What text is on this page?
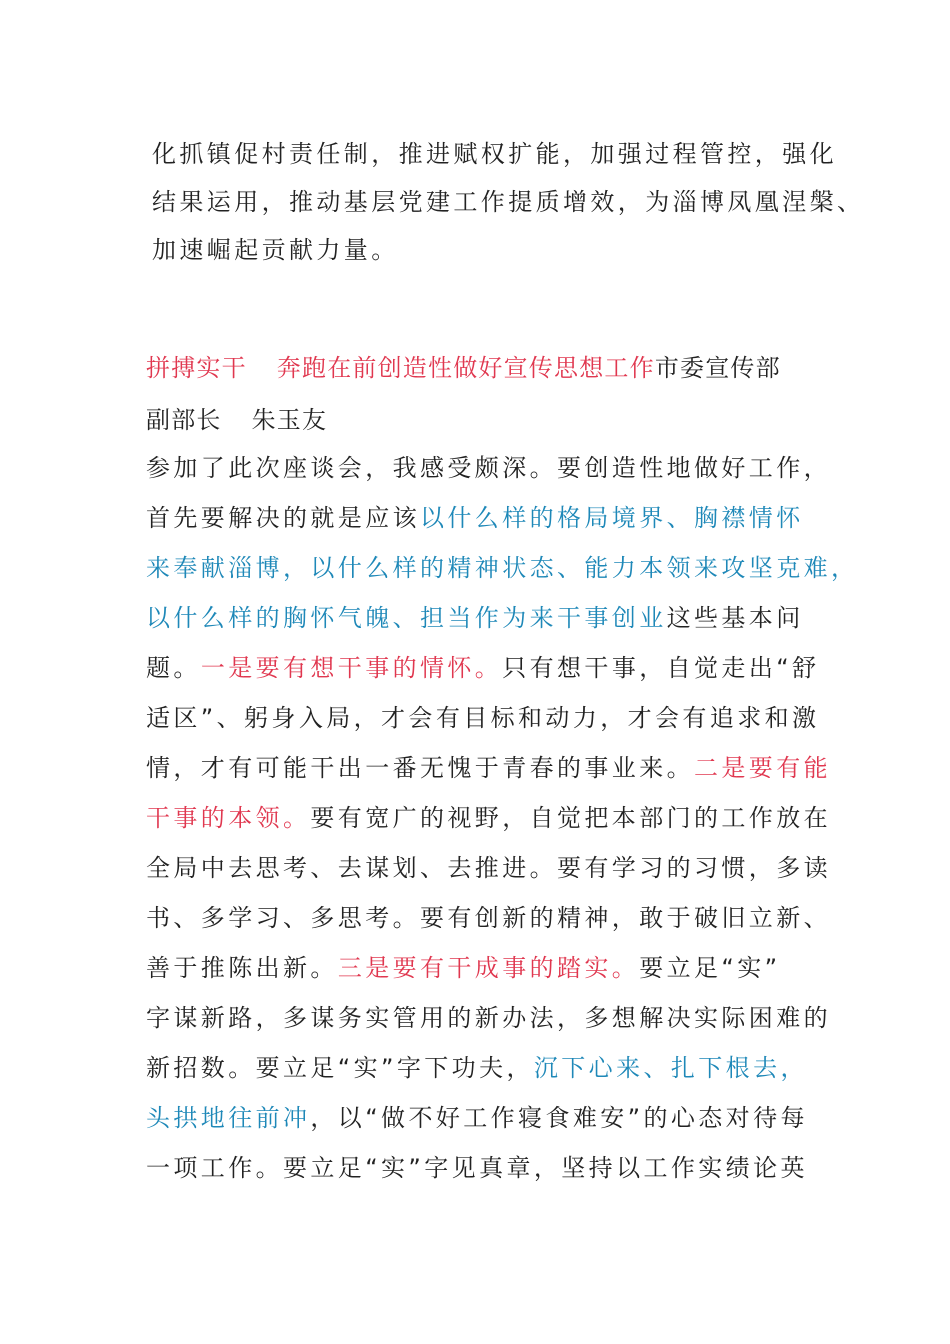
化抓镇促村责任制，推进赋权扩能，加强过程管控，强化
结果运用，推动基层党建工作提质增效，为淄博凤凰涅槃、
加速崛起贡献力量。
拼搏实干 奔跑在前创造性做好宣传思想工作市委宣传部
副部长 朱玉友
参加了此次座谈会，我感受颇深。要创造性地做好工作，
首先要解决的就是应该以什么样的格局境界、胸襟情怀
来奉献淄博，以什么样的精神状态、能力本领来攻坚克难，
以什么样的胸怀气魄、担当作为来干事创业这些基本问
题。一是要有想干事的情怀。只有想干事，自觉走出“舒
适区”、躬身入局，才会有目标和动力，才会有追求和激
情，才有可能干出一番无愧于青春的事业来。二是要有能
干事的本领。要有宽广的视野，自觉把本部门的工作放在
全局中去思考、去谋划、去推进。要有学习的习惯，多读
书、多学习、多思考。要有创新的精神，敢于破旧立新、
善于推陈出新。三是要有干成事的踏实。要立足“实”
字谋新路，多谋务实管用的新办法，多想解决实际困难的
新招数。要立足“实”字下功夫，沉下心来、扎下根去，
头拱地往前冲，以“做不好工作寝食难安”的心态对待每
一项工作。要立足“实”字见真章，坚持以工作实绩论英
